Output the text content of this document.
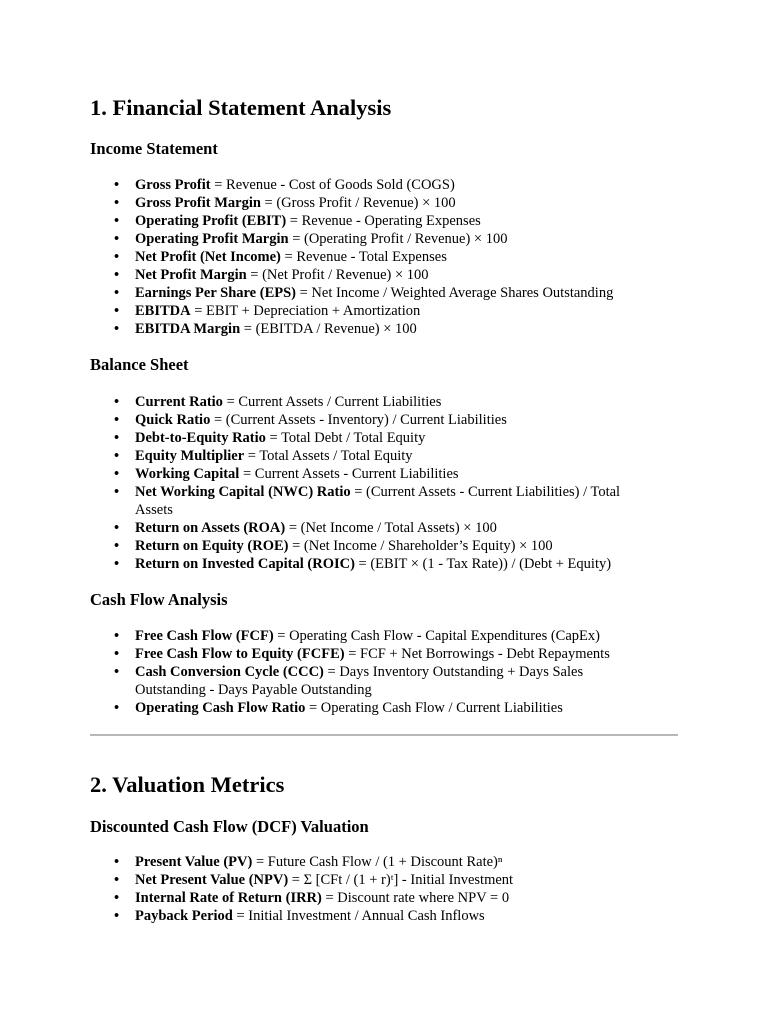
1. Financial Statement Analysis
Income Statement
• Gross Profit = Revenue - Cost of Goods Sold (COGS)
• Gross Profit Margin = (Gross Profit / Revenue) × 100
• Operating Profit (EBIT) = Revenue - Operating Expenses
• Operating Profit Margin = (Operating Profit / Revenue) × 100
• Net Profit (Net Income) = Revenue - Total Expenses
• Net Profit Margin = (Net Profit / Revenue) × 100
• Earnings Per Share (EPS) = Net Income / Weighted Average Shares Outstanding
• EBITDA = EBIT + Depreciation + Amortization
• EBITDA Margin = (EBITDA / Revenue) × 100
Balance Sheet
• Current Ratio = Current Assets / Current Liabilities
• Quick Ratio = (Current Assets - Inventory) / Current Liabilities
• Debt-to-Equity Ratio = Total Debt / Total Equity
• Equity Multiplier = Total Assets / Total Equity
• Working Capital = Current Assets - Current Liabilities
• Net Working Capital (NWC) Ratio = (Current Assets - Current Liabilities) / Total Assets
• Return on Assets (ROA) = (Net Income / Total Assets) × 100
• Return on Equity (ROE) = (Net Income / Shareholder’s Equity) × 100
• Return on Invested Capital (ROIC) = (EBIT × (1 - Tax Rate)) / (Debt + Equity)
Cash Flow Analysis
• Free Cash Flow (FCF) = Operating Cash Flow - Capital Expenditures (CapEx)
• Free Cash Flow to Equity (FCFE) = FCF + Net Borrowings - Debt Repayments
• Cash Conversion Cycle (CCC) = Days Inventory Outstanding + Days Sales Outstanding - Days Payable Outstanding
• Operating Cash Flow Ratio = Operating Cash Flow / Current Liabilities
2. Valuation Metrics
Discounted Cash Flow (DCF) Valuation
• Present Value (PV) = Future Cash Flow / (1 + Discount Rate)ⁿ
• Net Present Value (NPV) = Σ [CFt / (1 + r)ᵗ] - Initial Investment
• Internal Rate of Return (IRR) = Discount rate where NPV = 0
• Payback Period = Initial Investment / Annual Cash Inflows
